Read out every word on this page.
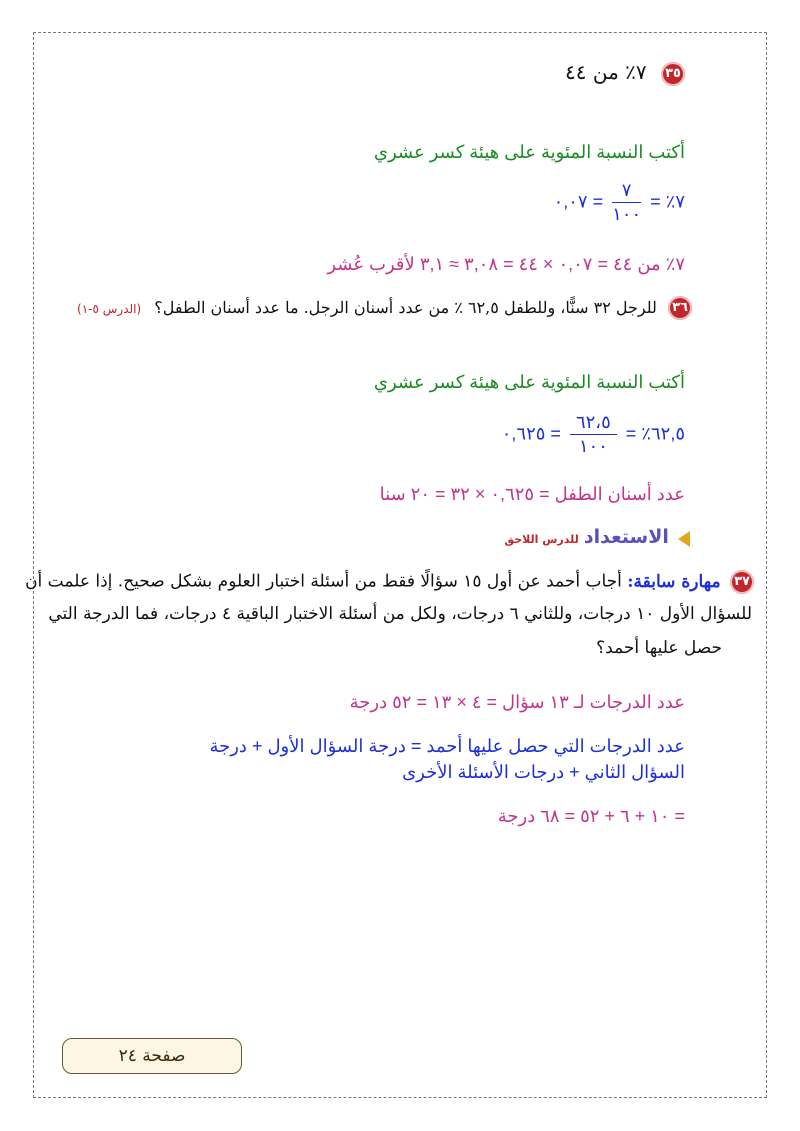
٣٥ ٧٪ من ٤٤
أكتب النسبة المئوية على هيئة كسر عشري
٧٪ =
$\frac{٧}{١٠٠}$
= ٠,٠٧
٧٪ من ٤٤ = ٠,٠٧ × ٤٤ = ٣,٠٨ ≈ ٣,١ لأقرب عُشر
٣٦ للرجل ٣٢ سنًّا، وللطفل ٦٢,٥ ٪ من عدد أسنان الرجل. ما عدد أسنان الطفل؟ (الدرس ٥-١)
أكتب النسبة المئوية على هيئة كسر عشري
٦٢,٥٪ =
$\frac{٦٢،٥}{١٠٠}$
= ٠,٦٢٥
عدد أسنان الطفل = ٠,٦٢٥ × ٣٢ = ٢٠ سنا
الاستعداد للدرس اللاحق
٣٧ مهارة سابقة: أجاب أحمد عن أول ١٥ سؤالًا فقط من أسئلة اختبار العلوم بشكل صحيح. إذا علمت أن
للسؤال الأول ١٠ درجات، وللثاني ٦ درجات، ولكل من أسئلة الاختبار الباقية ٤ درجات، فما الدرجة التي
حصل عليها أحمد؟
عدد الدرجات لـ ١٣ سؤال = ٤ × ١٣ = ٥٢ درجة
عدد الدرجات التي حصل عليها أحمد = درجة السؤال الأول + درجة
السؤال الثاني + درجات الأسئلة الأخرى
= ١٠ + ٦ + ٥٢ = ٦٨ درجة
صفحة ٢٤
